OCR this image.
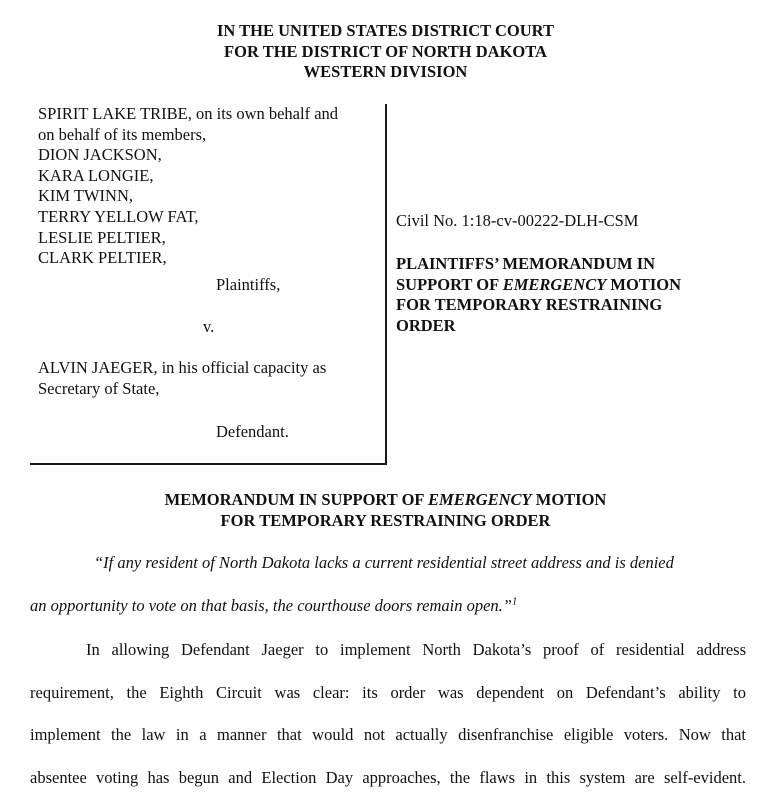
IN THE UNITED STATES DISTRICT COURT
FOR THE DISTRICT OF NORTH DAKOTA
WESTERN DIVISION
SPIRIT LAKE TRIBE, on its own behalf and
on behalf of its members,
DION JACKSON,
KARA LONGIE,
KIM TWINN,
TERRY YELLOW FAT,
LESLIE PELTIER,
CLARK PELTIER,
Plaintiffs,
v.
ALVIN JAEGER, in his official capacity as
Secretary of State,
Defendant.
Civil No. 1:18-cv-00222-DLH-CSM
PLAINTIFFS’ MEMORANDUM IN
SUPPORT OF EMERGENCY MOTION
FOR TEMPORARY RESTRAINING
ORDER
MEMORANDUM IN SUPPORT OF EMERGENCY MOTION
FOR TEMPORARY RESTRAINING ORDER
“If any resident of North Dakota lacks a current residential street address and is denied
an opportunity to vote on that basis, the courthouse doors remain open.”$^1$
In allowing Defendant Jaeger to implement North Dakota’s proof of residential address
requirement, the Eighth Circuit was clear: its order was dependent on Defendant’s ability to
implement the law in a manner that would not actually disenfranchise eligible voters. Now that
absentee voting has begun and Election Day approaches, the flaws in this system are self-evident.
